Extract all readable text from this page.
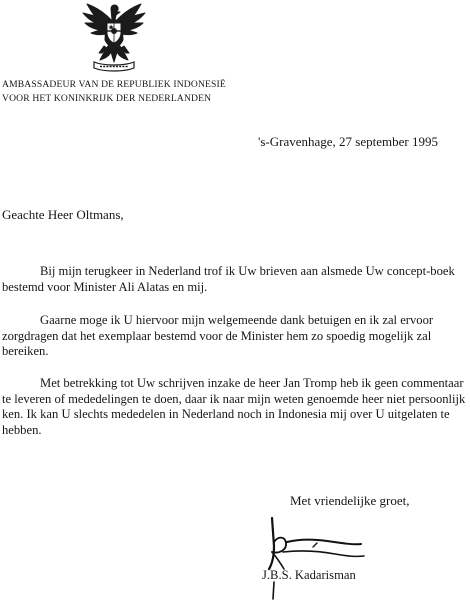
AMBASSADEUR VAN DE REPUBLIEK INDONESIË
VOOR HET KONINKRIJK DER NEDERLANDEN
's-Gravenhage, 27 september 1995
Geachte Heer Oltmans,

Bij mijn terugkeer in Nederland trof ik Uw brieven aan alsmede Uw concept-boek
bestemd voor Minister Ali Alatas en mij.

Gaarne moge ik U hiervoor mijn welgemeende dank betuigen en ik zal ervoor
zorgdragen dat het exemplaar bestemd voor de Minister hem zo spoedig mogelijk zal
bereiken.

Met betrekking tot Uw schrijven inzake de heer Jan Tromp heb ik geen commentaar
te leveren of mededelingen te doen, daar ik naar mijn weten genoemde heer niet persoonlijk
ken. Ik kan U slechts mededelen in Nederland noch in Indonesia mij over U uitgelaten te
hebben.

Met vriendelijke groet,
J.B.S. Kadarisman
